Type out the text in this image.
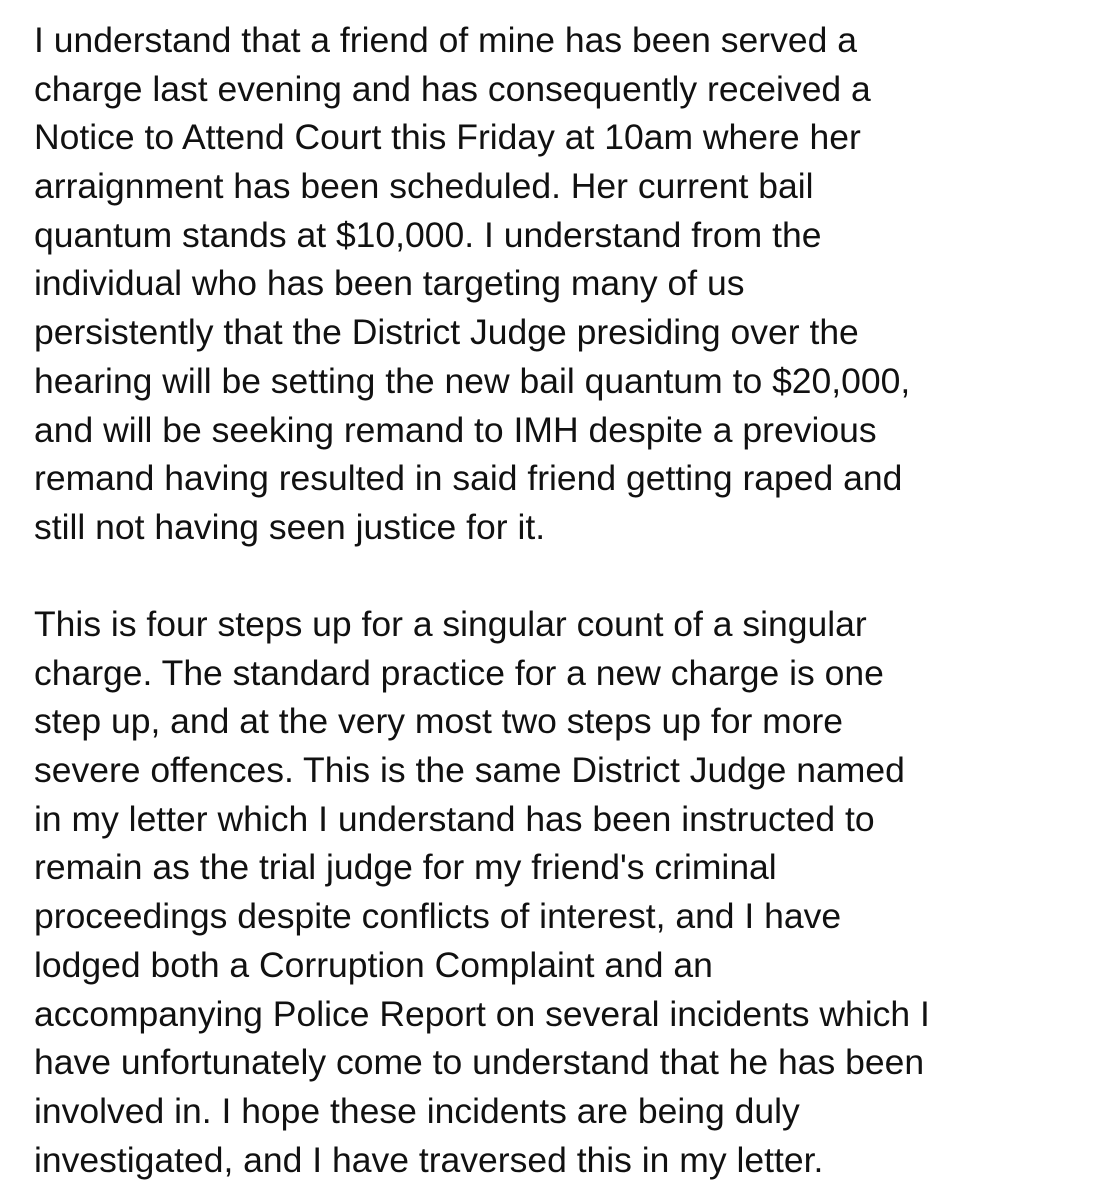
I understand that a friend of mine has been served a
charge last evening and has consequently received a
Notice to Attend Court this Friday at 10am where her
arraignment has been scheduled. Her current bail
quantum stands at $10,000. I understand from the
individual who has been targeting many of us
persistently that the District Judge presiding over the
hearing will be setting the new bail quantum to $20,000,
and will be seeking remand to IMH despite a previous
remand having resulted in said friend getting raped and
still not having seen justice for it.

This is four steps up for a singular count of a singular
charge. The standard practice for a new charge is one
step up, and at the very most two steps up for more
severe offences. This is the same District Judge named
in my letter which I understand has been instructed to
remain as the trial judge for my friend's criminal
proceedings despite conflicts of interest, and I have
lodged both a Corruption Complaint and an
accompanying Police Report on several incidents which I
have unfortunately come to understand that he has been
involved in. I hope these incidents are being duly
investigated, and I have traversed this in my letter.
